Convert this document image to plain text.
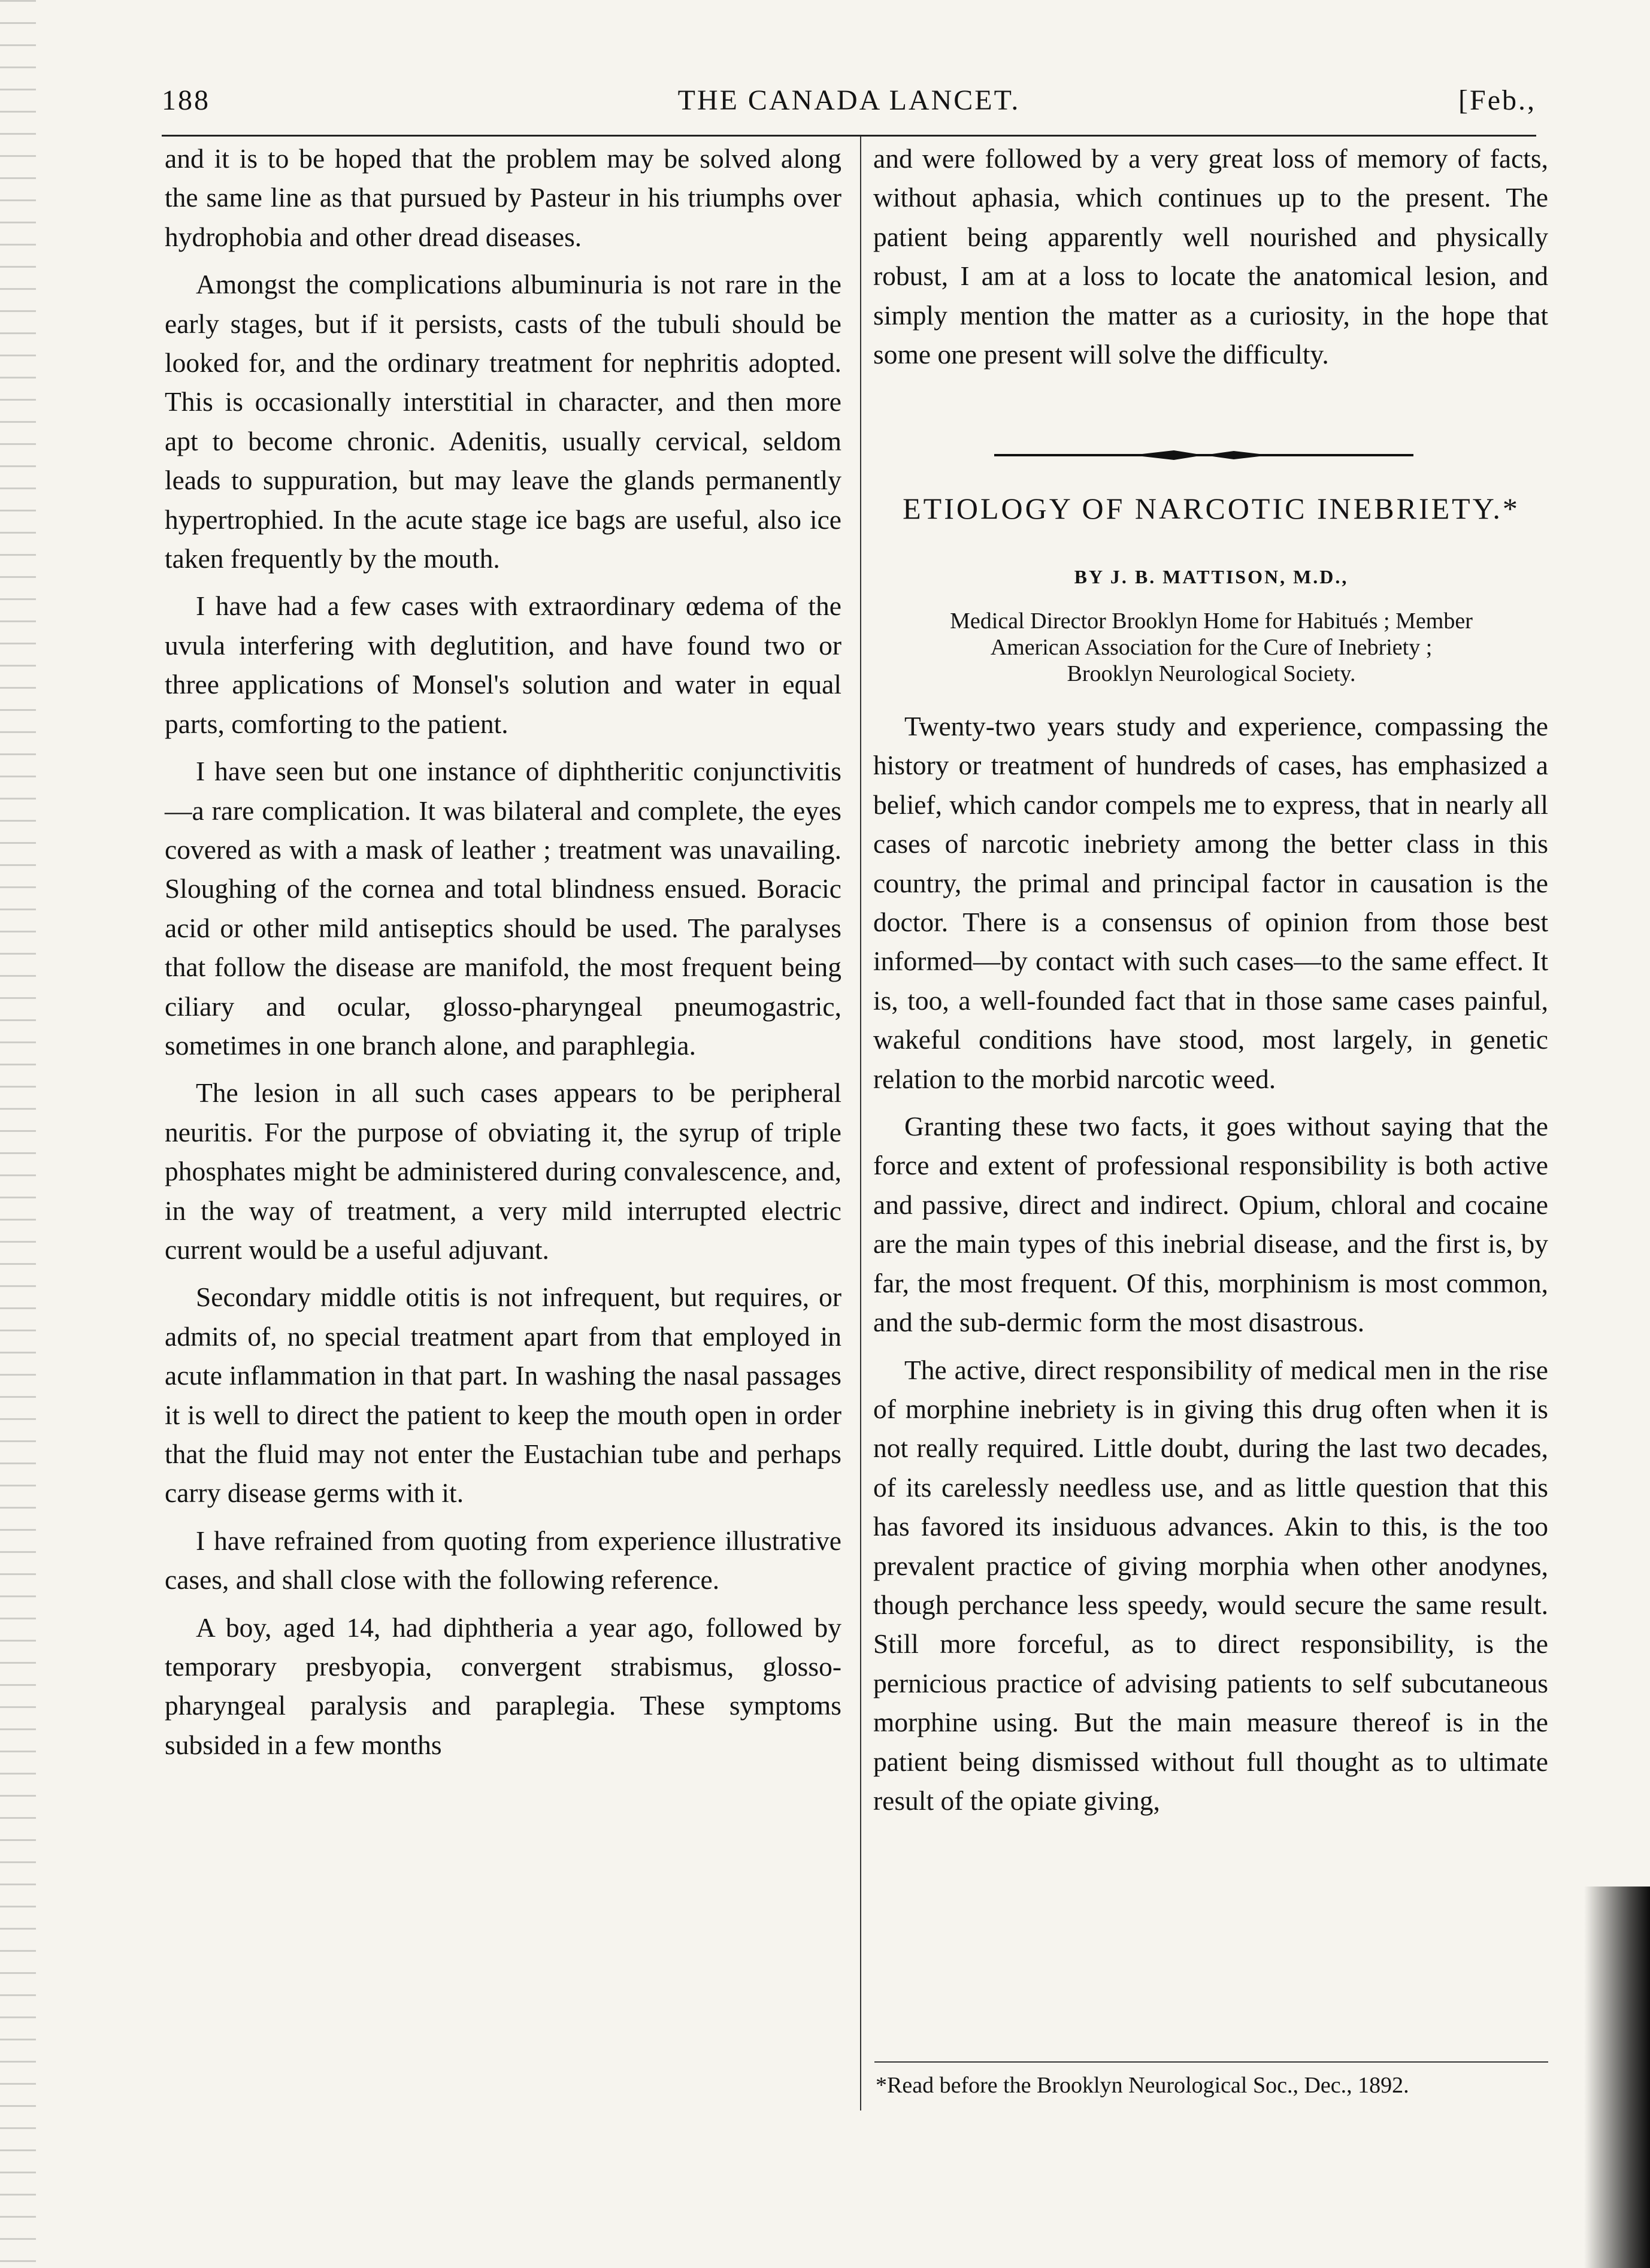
188	THE CANADA LANCET.	[Feb.,

and it is to be hoped that the problem may be solved along the same line as that pursued by Pasteur in his triumphs over hydrophobia and other dread diseases.

Amongst the complications albuminuria is not rare in the early stages, but if it persists, casts of the tubuli should be looked for, and the ordinary treatment for nephritis adopted. This is occasionally interstitial in character, and then more apt to become chronic. Adenitis, usually cervical, seldom leads to suppuration, but may leave the glands permanently hypertrophied. In the acute stage ice bags are useful, also ice taken frequently by the mouth.

I have had a few cases with extraordinary œdema of the uvula interfering with deglutition, and have found two or three applications of Monsel's solution and water in equal parts, comforting to the patient.

I have seen but one instance of diphtheritic conjunctivitis—a rare complication. It was bilateral and complete, the eyes covered as with a mask of leather ; treatment was unavailing. Sloughing of the cornea and total blindness ensued. Boracic acid or other mild antiseptics should be used. The paralyses that follow the disease are manifold, the most frequent being ciliary and ocular, glosso-pharyngeal pneumogastric, sometimes in one branch alone, and paraphlegia.

The lesion in all such cases appears to be peripheral neuritis. For the purpose of obviating it, the syrup of triple phosphates might be administered during convalescence, and, in the way of treatment, a very mild interrupted electric current would be a useful adjuvant.

Secondary middle otitis is not infrequent, but requires, or admits of, no special treatment apart from that employed in acute inflammation in that part. In washing the nasal passages it is well to direct the patient to keep the mouth open in order that the fluid may not enter the Eustachian tube and perhaps carry disease germs with it.

I have refrained from quoting from experience illustrative cases, and shall close with the following reference.

A boy, aged 14, had diphtheria a year ago, followed by temporary presbyopia, convergent strabismus, glosso-pharyngeal paralysis and paraplegia. These symptoms subsided in a few months

and were followed by a very great loss of memory of facts, without aphasia, which continues up to the present. The patient being apparently well nourished and physically robust, I am at a loss to locate the anatomical lesion, and simply mention the matter as a curiosity, in the hope that some one present will solve the difficulty.

ETIOLOGY OF NARCOTIC INEBRIETY.*
BY J. B. MATTISON, M.D.,
Medical Director Brooklyn Home for Habitués ; Member
American Association for the Cure of Inebriety ;
Brooklyn Neurological Society.

Twenty-two years study and experience, compassing the history or treatment of hundreds of cases, has emphasized a belief, which candor compels me to express, that in nearly all cases of narcotic inebriety among the better class in this country, the primal and principal factor in causation is the doctor. There is a consensus of opinion from those best informed—by contact with such cases—to the same effect. It is, too, a well-founded fact that in those same cases painful, wakeful conditions have stood, most largely, in genetic relation to the morbid narcotic weed.

Granting these two facts, it goes without saying that the force and extent of professional responsibility is both active and passive, direct and indirect. Opium, chloral and cocaine are the main types of this inebrial disease, and the first is, by far, the most frequent. Of this, morphinism is most common, and the sub-dermic form the most disastrous.

The active, direct responsibility of medical men in the rise of morphine inebriety is in giving this drug often when it is not really required. Little doubt, during the last two decades, of its carelessly needless use, and as little question that this has favored its insiduous advances. Akin to this, is the too prevalent practice of giving morphia when other anodynes, though perchance less speedy, would secure the same result. Still more forceful, as to direct responsibility, is the pernicious practice of advising patients to self subcutaneous morphine using. But the main measure thereof is in the patient being dismissed without full thought as to ultimate result of the opiate giving,

*Read before the Brooklyn Neurological Soc., Dec., 1892.
